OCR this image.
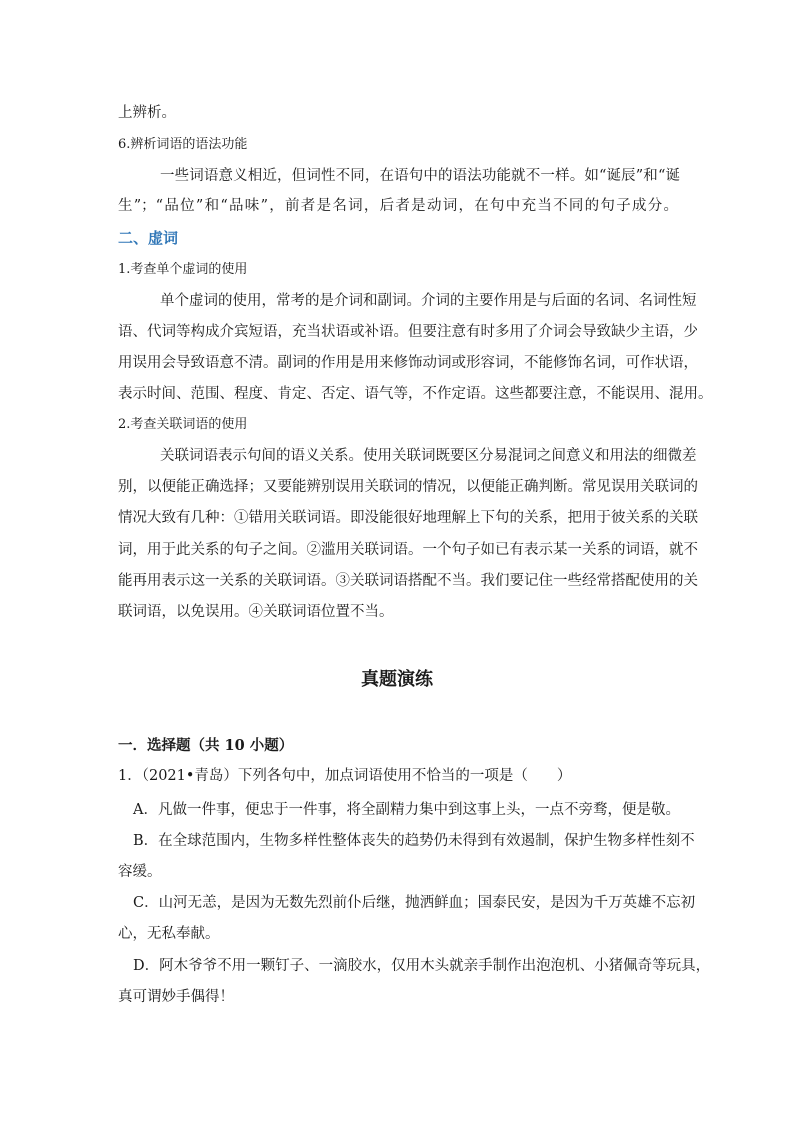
上辨析。
6.辨析词语的语法功能
一些词语意义相近，但词性不同，在语句中的语法功能就不一样。如“诞辰”和“诞
生”；“品位”和“品味”，前者是名词，后者是动词，在句中充当不同的句子成分。
二、虚词
1.考查单个虚词的使用
单个虚词的使用，常考的是介词和副词。介词的主要作用是与后面的名词、名词性短
语、代词等构成介宾短语，充当状语或补语。但要注意有时多用了介词会导致缺少主语，少
用误用会导致语意不清。副词的作用是用来修饰动词或形容词，不能修饰名词，可作状语，
表示时间、范围、程度、肯定、否定、语气等，不作定语。这些都要注意，不能误用、混用。
2.考查关联词语的使用
关联词语表示句间的语义关系。使用关联词既要区分易混词之间意义和用法的细微差
别，以便能正确选择；又要能辨别误用关联词的情况，以便能正确判断。常见误用关联词的
情况大致有几种：①错用关联词语。即没能很好地理解上下句的关系，把用于彼关系的关联
词，用于此关系的句子之间。②滥用关联词语。一个句子如已有表示某一关系的词语，就不
能再用表示这一关系的关联词语。③关联词语搭配不当。我们要记住一些经常搭配使用的关
联词语，以免误用。④关联词语位置不当。
真题演练
一．选择题（共 10 小题）
1．（2021•青岛）下列各句中，加点词语使用不恰当的一项是（　　）
A．凡做一件事，便忠于一件事，将全副精力集中到这事上头，一点不旁骛，便是敬。
B．在全球范围内，生物多样性整体丧失的趋势仍未得到有效遏制，保护生物多样性刻不
容缓。
C．山河无恙，是因为无数先烈前仆后继，抛洒鲜血；国泰民安，是因为千万英雄不忘初
心，无私奉献。
D．阿木爷爷不用一颗钉子、一滴胶水，仅用木头就亲手制作出泡泡机、小猪佩奇等玩具，
真可谓妙手偶得！
